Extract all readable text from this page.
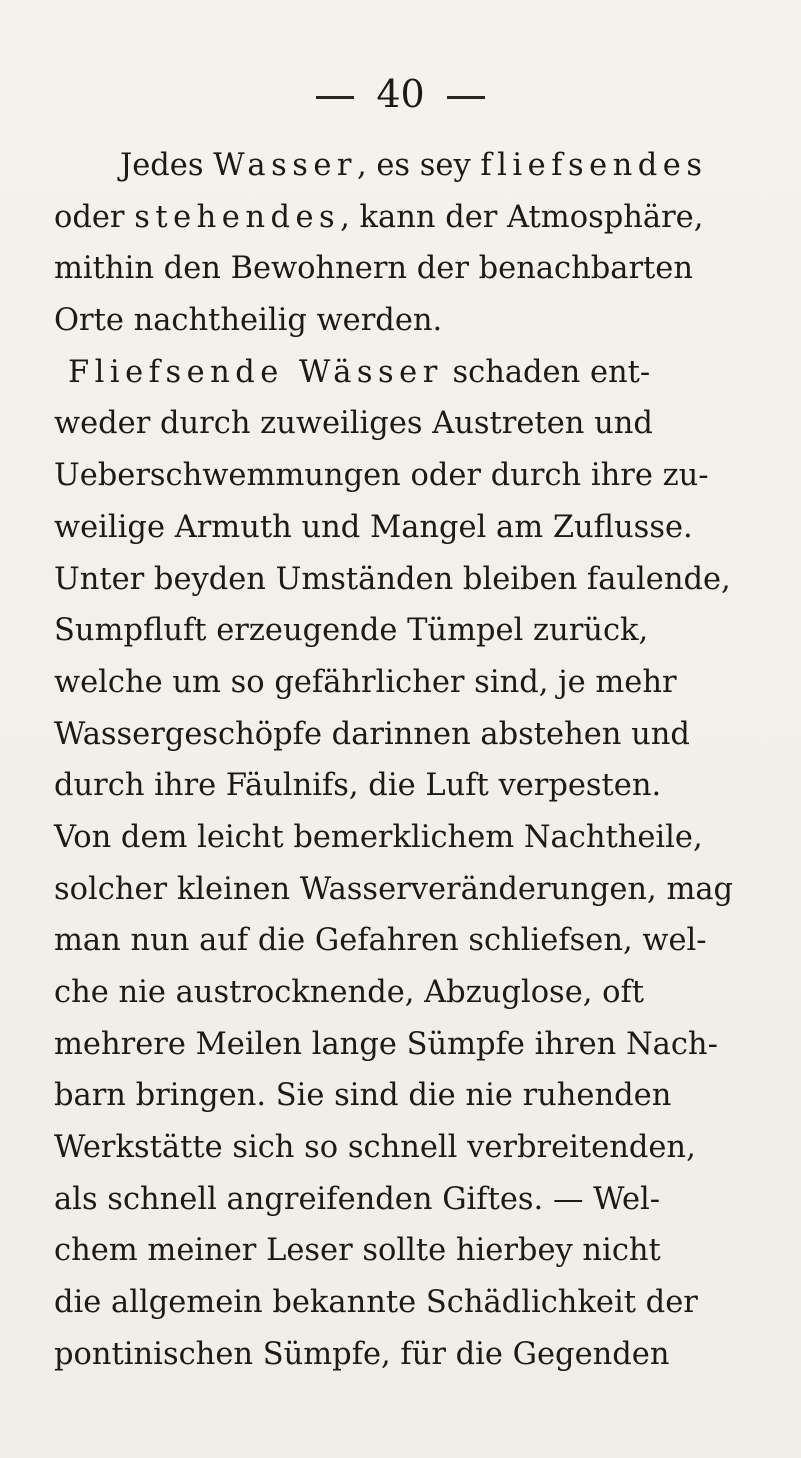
40
Jedes Wasser, es sey fliefsendes
oder stehendes, kann der Atmosphäre,
mithin den Bewohnern der benachbarten
Orte nachtheilig werden.
Fliefsende Wässer schaden ent-
weder durch zuweiliges Austreten und
Ueberschwemmungen oder durch ihre zu-
weilige Armuth und Mangel am Zuflusse.
Unter beyden Umständen bleiben faulende,
Sumpfluft erzeugende Tümpel zurück,
welche um so gefährlicher sind, je mehr
Wassergeschöpfe darinnen abstehen und
durch ihre Fäulnifs, die Luft verpesten.
Von dem leicht bemerklichem Nachtheile,
solcher kleinen Wasserveränderungen, mag
man nun auf die Gefahren schliefsen, wel-
che nie austrocknende, Abzuglose, oft
mehrere Meilen lange Sümpfe ihren Nach-
barn bringen. Sie sind die nie ruhenden
Werkstätte sich so schnell verbreitenden,
als schnell angreifenden Giftes. — Wel-
chem meiner Leser sollte hierbey nicht
die allgemein bekannte Schädlichkeit der
pontinischen Sümpfe, für die Gegenden
